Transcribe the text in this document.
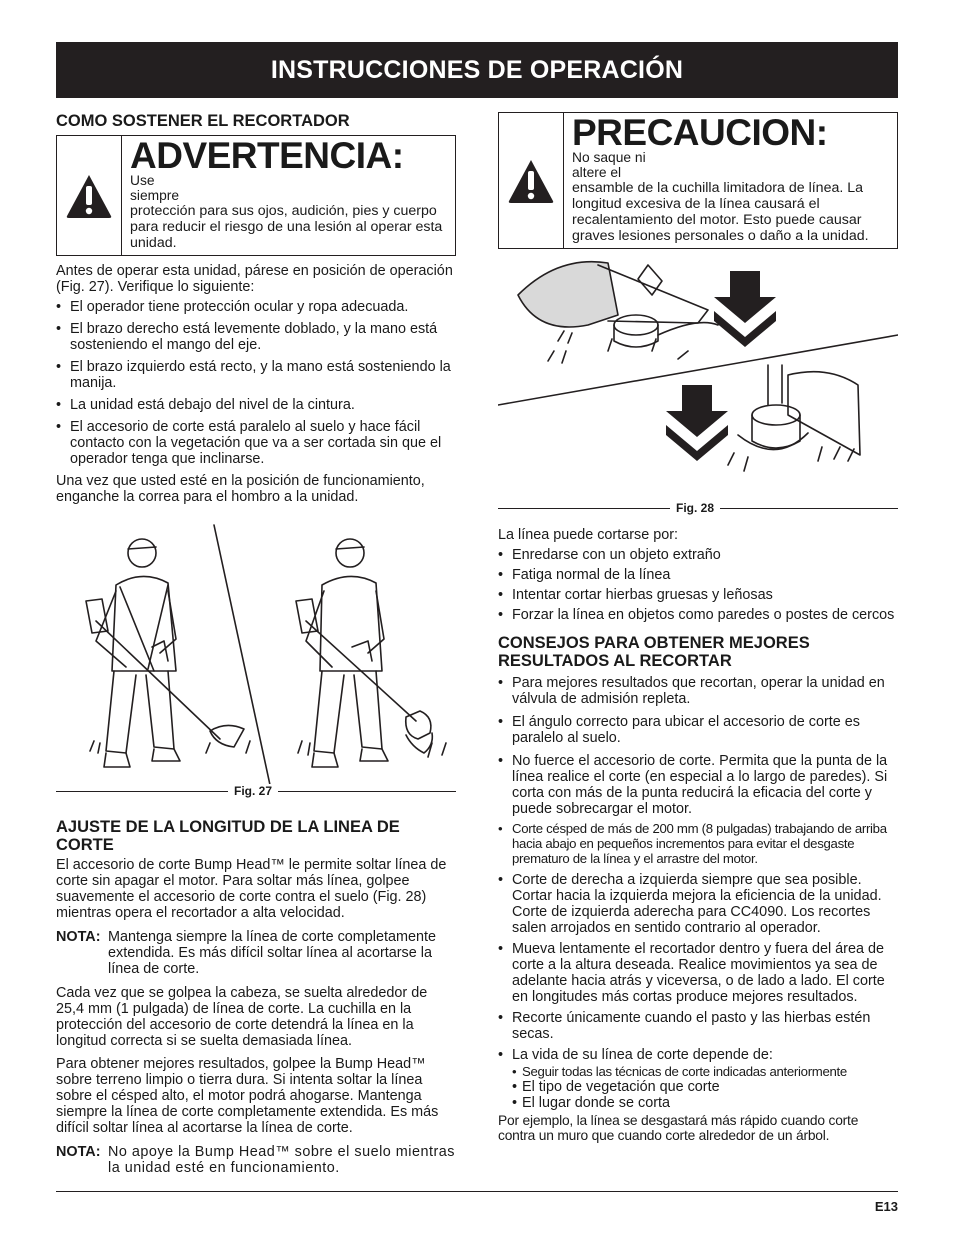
INSTRUCCIONES DE OPERACIÓN
COMO SOSTENER EL RECORTADOR
ADVERTENCIA:
Use siempre
protección para sus ojos, audición, pies y cuerpo para reducir el riesgo de una lesión al operar esta unidad.

Antes de operar esta unidad, párese en posición de operación (Fig. 27). Verifique lo siguiente:

• El operador tiene protección ocular y ropa adecuada.
• El brazo derecho está levemente doblado, y la mano está sosteniendo el mango del eje.
• El brazo izquierdo está recto, y la mano está sosteniendo la manija.
• La unidad está debajo del nivel de la cintura.
• El accesorio de corte está paralelo al suelo y hace fácil contacto con la vegetación que va a ser cortada sin que el operador tenga que inclinarse.

Una vez que usted esté en la posición de funcionamiento, enganche la correa para el hombro a la unidad.

Fig. 27
AJUSTE DE LA LONGITUD DE LA LINEA DE CORTE

El accesorio de corte Bump Head™ le permite soltar línea de corte sin apagar el motor. Para soltar más línea, golpee suavemente el accesorio de corte contra el suelo (Fig. 28) mientras opera el recortador a alta velocidad.

NOTA: Mantenga siempre la línea de corte completamente extendida. Es más difícil soltar línea al acortarse la línea de corte.

Cada vez que se golpea la cabeza, se suelta alrededor de 25,4 mm (1 pulgada) de línea de corte. La cuchilla en la protección del accesorio de corte detendrá la línea en la longitud correcta si se suelta demasiada línea.

Para obtener mejores resultados, golpee la Bump Head™ sobre terreno limpio o tierra dura. Si intenta soltar la línea sobre el césped alto, el motor podrá ahogarse. Mantenga siempre la línea de corte completamente extendida. Es más difícil soltar línea al acortarse la línea de corte.

NOTA: No apoye la Bump Head™ sobre el suelo mientras la unidad esté en funcionamiento.
PRECAUCION:
No saque ni altere el
ensamble de la cuchilla limitadora de línea. La longitud excesiva de la línea causará el recalentamiento del motor. Esto puede causar graves lesiones personales o daño a la unidad.
Fig. 28

La línea puede cortarse por:

• Enredarse con un objeto extraño
• Fatiga normal de la línea
• Intentar cortar hierbas gruesas y leñosas
• Forzar la línea en objetos como paredes o postes de cercos
CONSEJOS PARA OBTENER MEJORES RESULTADOS AL RECORTAR
• Para mejores resultados que recortan, operar la unidad en válvula de admisión repleta.
• El ángulo correcto para ubicar el accesorio de corte es paralelo al suelo.
• No fuerce el accesorio de corte. Permita que la punta de la línea realice el corte (en especial a lo largo de paredes). Si corta con más de la punta reducirá la eficacia del corte y puede sobrecargar el motor.
• Corte césped de más de 200 mm (8 pulgadas) trabajando de arriba hacia abajo en pequeños incrementos para evitar el desgaste prematuro de la línea y el arrastre del motor.
• Corte de derecha a izquierda siempre que sea posible. Cortar hacia la izquierda mejora la eficiencia de la unidad. Corte de izquierda aderecha para CC4090. Los recortes salen arrojados en sentido contrario al operador.
• Mueva lentamente el recortador dentro y fuera del área de corte a la altura deseada. Realice movimientos ya sea de adelante hacia atrás y viceversa, o de lado a lado. El corte en longitudes más cortas produce mejores resultados.
• Recorte únicamente cuando el pasto y las hierbas estén secas.
• La vida de su línea de corte depende de:
• Seguir todas las técnicas de corte indicadas anteriormente
• El tipo de vegetación que corte
• El lugar donde se corta

Por ejemplo, la línea se desgastará más rápido cuando corte contra un muro que cuando corte alrededor de un árbol.

E13
